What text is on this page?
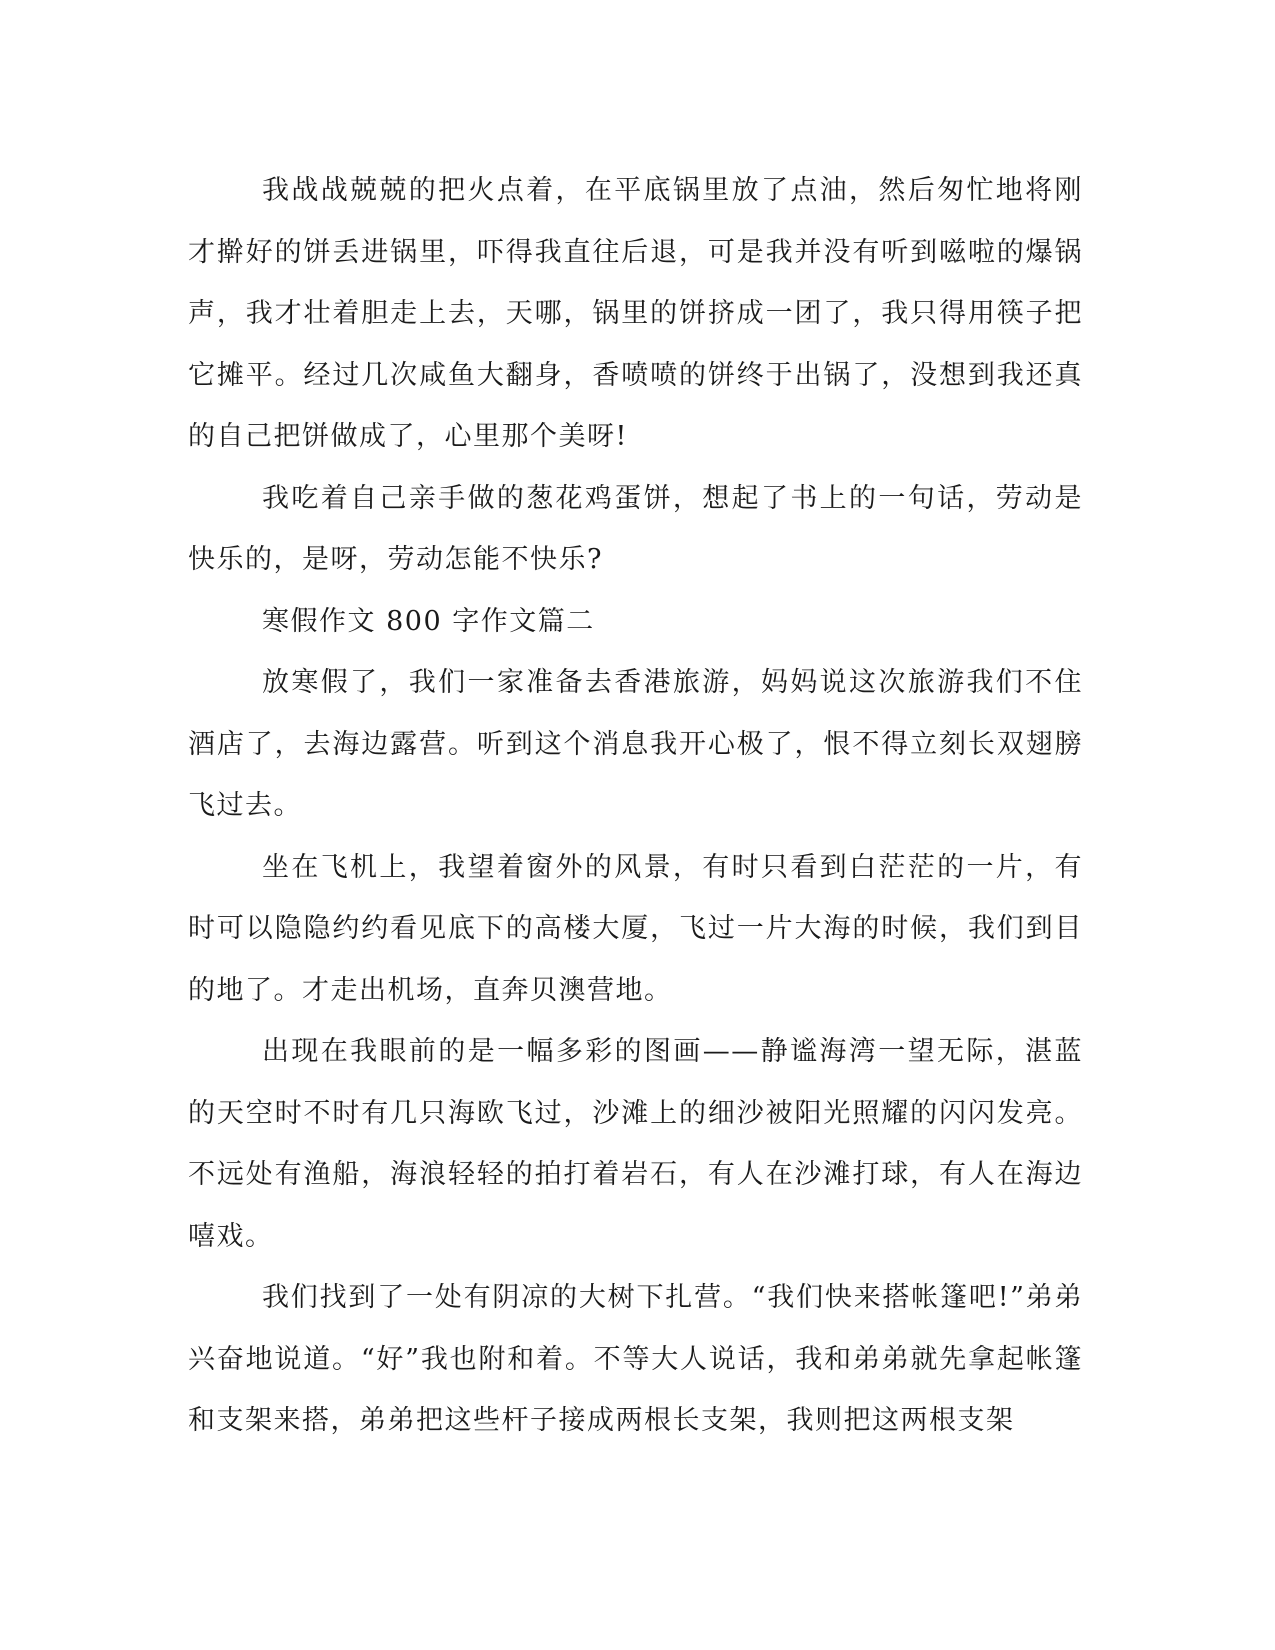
我战战兢兢的把火点着，在平底锅里放了点油，然后匆忙地将刚才擀好的饼丢进锅里，吓得我直往后退，可是我并没有听到嗞啦的爆锅声，我才壮着胆走上去，天哪，锅里的饼挤成一团了，我只得用筷子把它摊平。经过几次咸鱼大翻身，香喷喷的饼终于出锅了，没想到我还真的自己把饼做成了，心里那个美呀!

我吃着自己亲手做的葱花鸡蛋饼，想起了书上的一句话，劳动是快乐的，是呀，劳动怎能不快乐?

寒假作文 800 字作文篇二

放寒假了，我们一家准备去香港旅游，妈妈说这次旅游我们不住酒店了，去海边露营。听到这个消息我开心极了，恨不得立刻长双翅膀飞过去。

坐在飞机上，我望着窗外的风景，有时只看到白茫茫的一片，有时可以隐隐约约看见底下的高楼大厦，飞过一片大海的时候，我们到目的地了。才走出机场，直奔贝澳营地。

出现在我眼前的是一幅多彩的图画——静谧海湾一望无际，湛蓝的天空时不时有几只海欧飞过，沙滩上的细沙被阳光照耀的闪闪发亮。不远处有渔船，海浪轻轻的拍打着岩石，有人在沙滩打球，有人在海边嘻戏。

我们找到了一处有阴凉的大树下扎营。“我们快来搭帐篷吧!”弟弟兴奋地说道。“好”我也附和着。不等大人说话，我和弟弟就先拿起帐篷和支架来搭，弟弟把这些杆子接成两根长支架，我则把这两根支架
